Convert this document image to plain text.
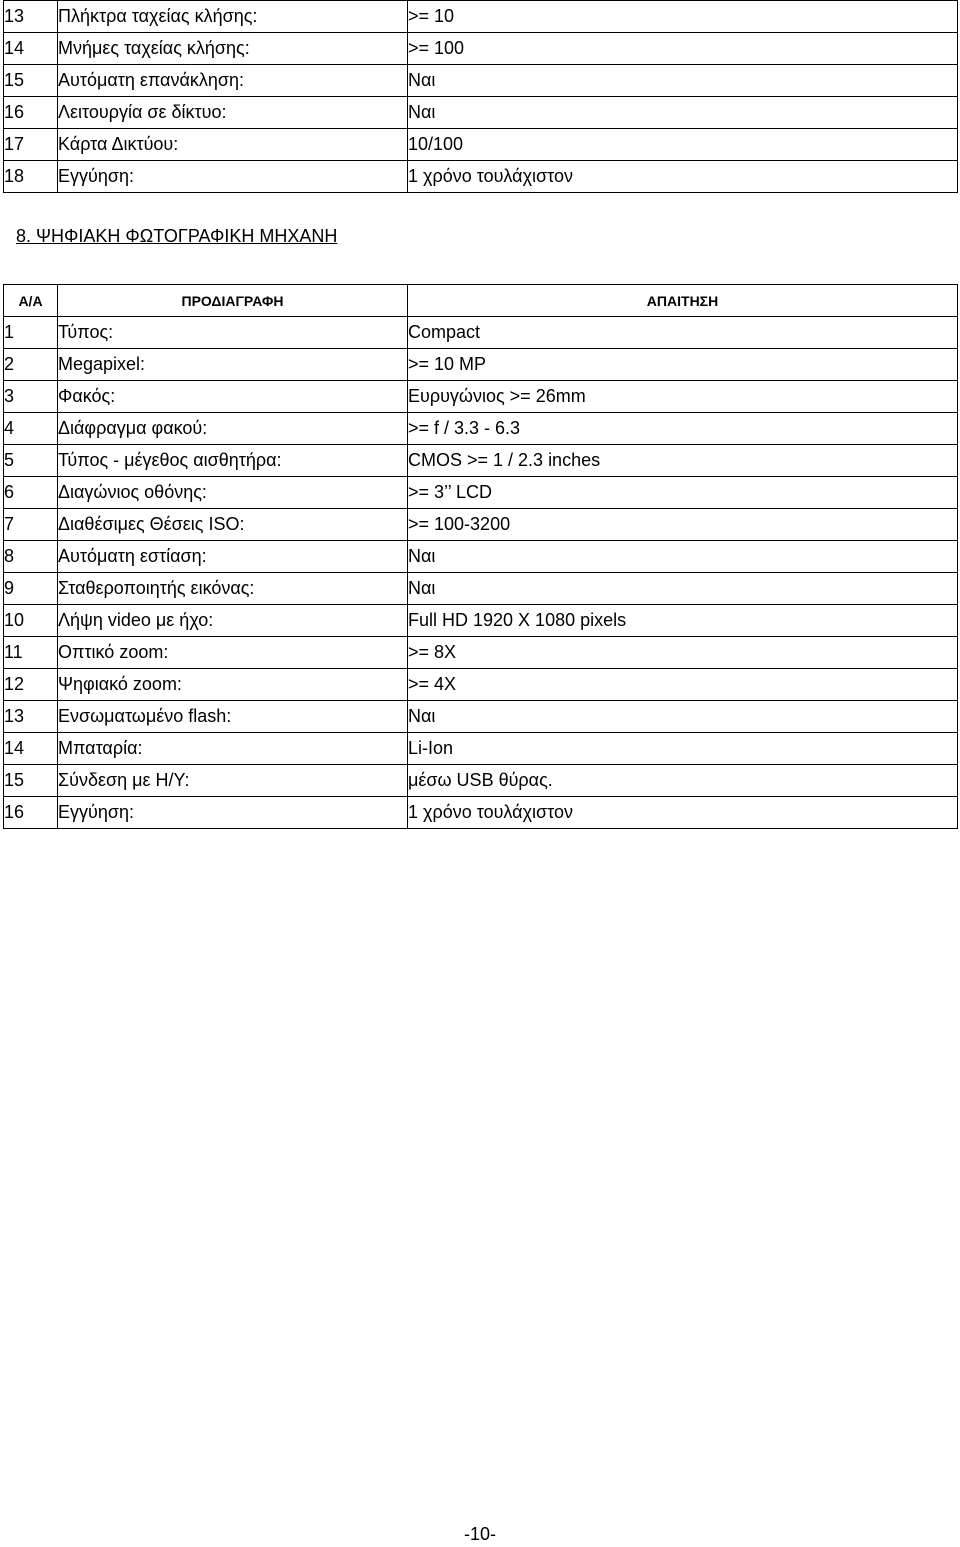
13	Πλήκτρα ταχείας κλήσης:	>= 10
14	Μνήμες ταχείας κλήσης:	>= 100
15	Αυτόματη επανάκληση:	Ναι
16	Λειτουργία σε δίκτυο:	Ναι
17	Κάρτα Δικτύου:	10/100
18	Εγγύηση:	1 χρόνο τουλάχιστον
8. ΨΗΦΙΑΚΗ ΦΩΤΟΓΡΑΦΙΚΗ ΜΗΧΑΝΗ
Α/Α	ΠΡΟΔΙΑΓΡΑΦΗ	ΑΠΑΙΤΗΣΗ
1	Τύπος:	Compact
2	Megapixel:	>= 10 MP
3	Φακός:	Ευρυγώνιος >= 26mm
4	Διάφραγμα φακού:	>= f / 3.3 - 6.3
5	Τύπος - μέγεθος αισθητήρα:	CMOS >= 1 / 2.3 inches
6	Διαγώνιος οθόνης:	>= 3’’ LCD
7	Διαθέσιμες Θέσεις ISO:	>= 100-3200
8	Αυτόματη εστίαση:	Ναι
9	Σταθεροποιητής εικόνας:	Ναι
10	Λήψη video με ήχο:	Full HD 1920 X 1080 pixels
11	Οπτικό zoom:	>= 8X
12	Ψηφιακό zoom:	>= 4X
13	Ενσωματωμένο flash:	Ναι
14	Μπαταρία:	Li-Ion
15	Σύνδεση με Η/Υ:	μέσω USB θύρας.
16	Εγγύηση:	1 χρόνο τουλάχιστον

-10-
